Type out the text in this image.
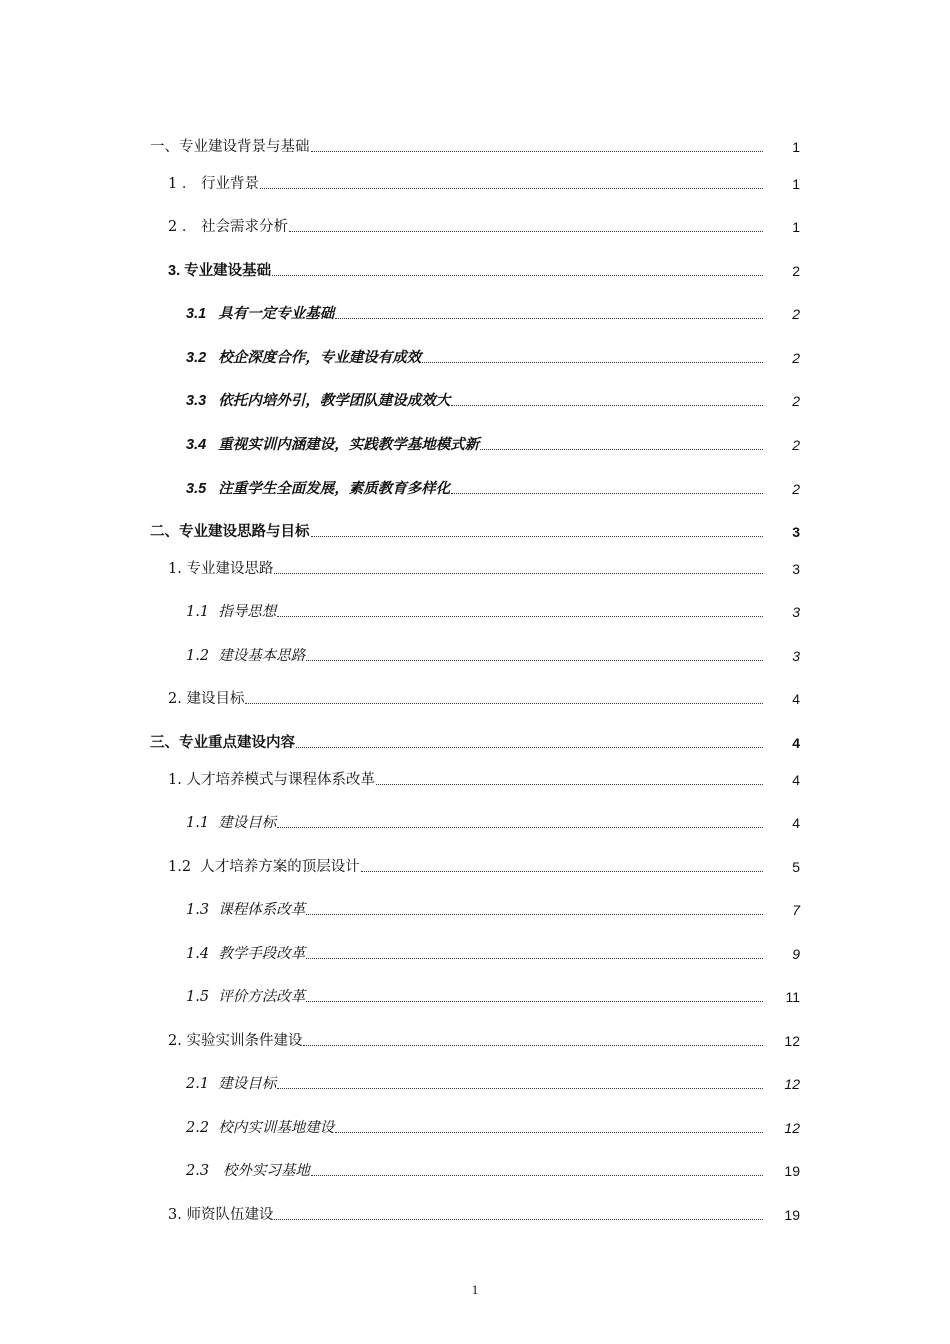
一、专业建设背景与基础	1
1 ． 行业背景	1
2 ． 社会需求分析	1
3. 专业建设基础	2
3.1   具有一定专业基础	2
3.2   校企深度合作，专业建设有成效	2
3.3   依托内培外引，教学团队建设成效大	2
3.4   重视实训内涵建设，实践教学基地模式新	2
3.5   注重学生全面发展，素质教育多样化	2
二、专业建设思路与目标	3
1. 专业建设思路	3
1.1  指导思想	3
1.2  建设基本思路	3
2. 建设目标	4
三、专业重点建设内容	4
1. 人才培养模式与课程体系改革	4
1.1  建设目标	4
1.2  人才培养方案的顶层设计	5
1.3  课程体系改革	7
1.4  教学手段改革	9
1.5  评价方法改革	11
2. 实验实训条件建设	12
2.1  建设目标	12
2.2  校内实训基地建设	12
2.3   校外实习基地	19
3. 师资队伍建设	19
1
